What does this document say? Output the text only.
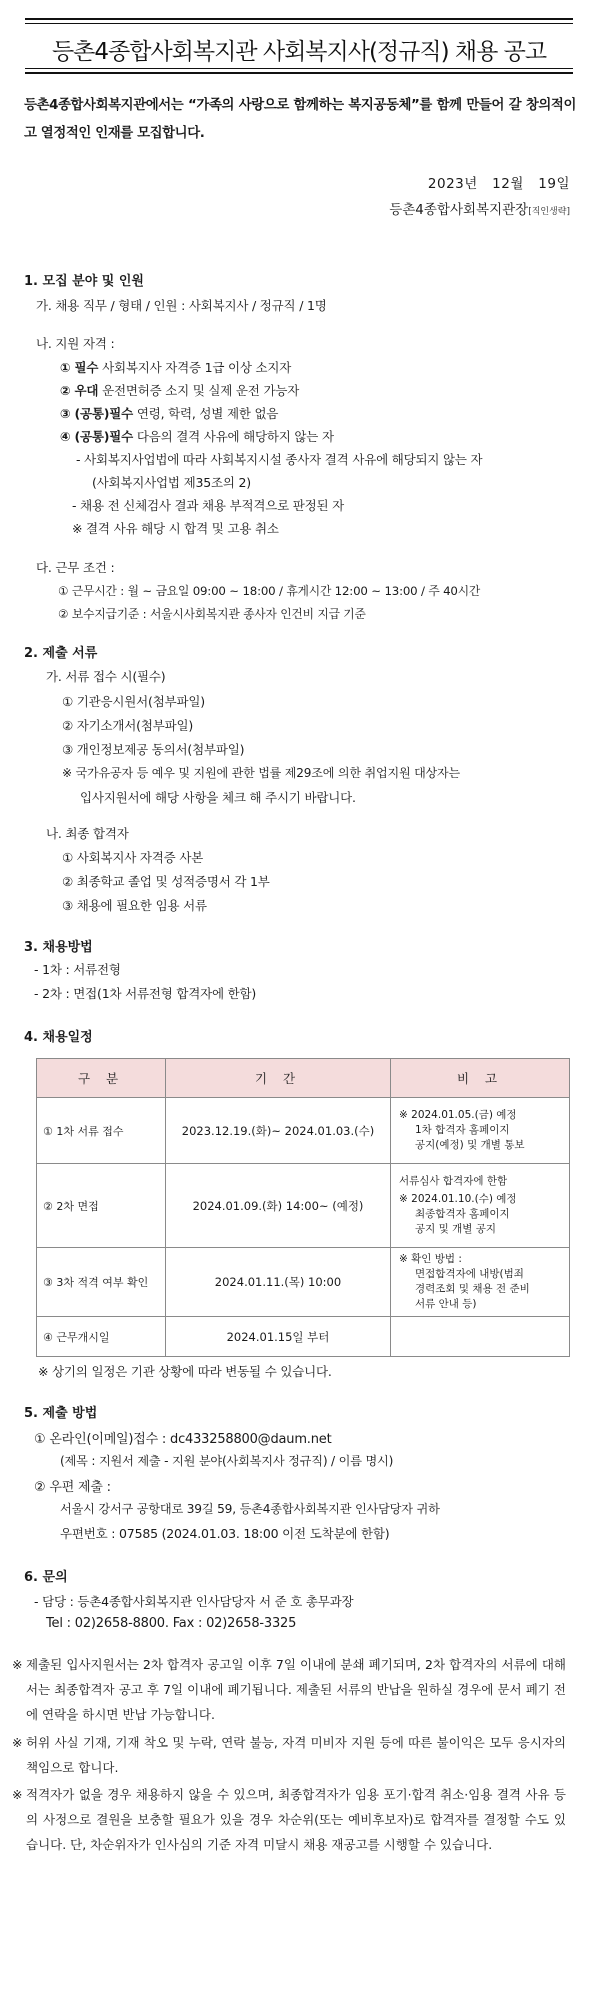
등촌4종합사회복지관 사회복지사(정규직) 채용 공고
등촌4종합사회복지관에서는 “가족의 사랑으로 함께하는 복지공동체”를 함께 만들어 갈 창의적이고 열정적인 인재를 모집합니다.
2023년   12월   19일
등촌4종합사회복지관장[직인생략]
1. 모집 분야 및 인원
가. 채용 직무 / 형태 / 인원 : 사회복지사 / 정규직 / 1명
나. 지원 자격 :
① 필수 사회복지사 자격증 1급 이상 소지자
② 우대 운전면허증 소지 및 실제 운전 가능자
③ (공통)필수 연령, 학력, 성별 제한 없음
④ (공통)필수 다음의 결격 사유에 해당하지 않는 자
- 사회복지사업법에 따라 사회복지시설 종사자 결격 사유에 해당되지 않는 자
(사회복지사업법 제35조의 2)
- 채용 전 신체검사 결과 채용 부적격으로 판정된 자
※ 결격 사유 해당 시 합격 및 고용 취소
다. 근무 조건 :
① 근무시간 : 월 ~ 금요일 09:00 ~ 18:00 / 휴게시간 12:00 ~ 13:00 / 주 40시간
② 보수지급기준 : 서울시사회복지관 종사자 인건비 지급 기준
2. 제출 서류
가. 서류 접수 시(필수)
① 기관응시원서(첨부파일)
② 자기소개서(첨부파일)
③ 개인정보제공 동의서(첨부파일)
※ 국가유공자 등 예우 및 지원에 관한 법률 제29조에 의한 취업지원 대상자는
입사지원서에 해당 사항을 체크 해 주시기 바랍니다.
나. 최종 합격자
① 사회복지사 자격증 사본
② 최종학교 졸업 및 성적증명서 각 1부
③ 채용에 필요한 임용 서류
3. 채용방법
- 1차 : 서류전형
- 2차 : 면접(1차 서류전형 합격자에 한함)
4. 채용일정
구 분	기 간	비 고
① 1차 서류 접수	2023.12.19.(화)~ 2024.01.03.(수)	※ 2024.01.05.(금) 예정
1차 합격자 홈페이지
공지(예정) 및 개별 통보

② 2차 면접	2024.01.09.(화) 14:00~ (예정)	서류심사 합격자에 한함
※ 2024.01.10.(수) 예정
최종합격자 홈페이지
공지 및 개별 공지

③ 3차 적격 여부 확인	2024.01.11.(목) 10:00	※ 확인 방법 :
면접합격자에 내방(범죄
경력조회 및 채용 전 준비
서류 안내 등)

④ 근무개시일	2024.01.15일 부터	
※ 상기의 일정은 기관 상황에 따라 변동될 수 있습니다.
5. 제출 방법
① 온라인(이메일)접수 : dc433258800@daum.net
(제목 : 지원서 제출 - 지원 분야(사회복지사 정규직) / 이름 명시)
② 우편 제출 :
서울시 강서구 공항대로 39길 59, 등촌4종합사회복지관 인사담당자 귀하
우편번호 : 07585 (2024.01.03. 18:00 이전 도착분에 한함)
6. 문의
- 담당 : 등촌4종합사회복지관 인사담당자 서 준 호 총무과장
Tel : 02)2658-8800. Fax : 02)2658-3325
※ 제출된 입사지원서는 2차 합격자 공고일 이후 7일 이내에 분쇄 폐기되며, 2차 합격자의 서류에 대해서는 최종합격자 공고 후 7일 이내에 폐기됩니다. 제출된 서류의 반납을 원하실 경우에 문서 폐기 전에 연락을 하시면 반납 가능합니다.
※ 허위 사실 기재, 기재 착오 및 누락, 연락 불능, 자격 미비자 지원 등에 따른 불이익은 모두 응시자의 책임으로 합니다.
※ 적격자가 없을 경우 채용하지 않을 수 있으며, 최종합격자가 임용 포기·합격 취소·임용 결격 사유 등의 사정으로 결원을 보충할 필요가 있을 경우 차순위(또는 예비후보자)로 합격자를 결정할 수도 있습니다. 단, 차순위자가 인사심의 기준 자격 미달시 채용 재공고를 시행할 수 있습니다.
